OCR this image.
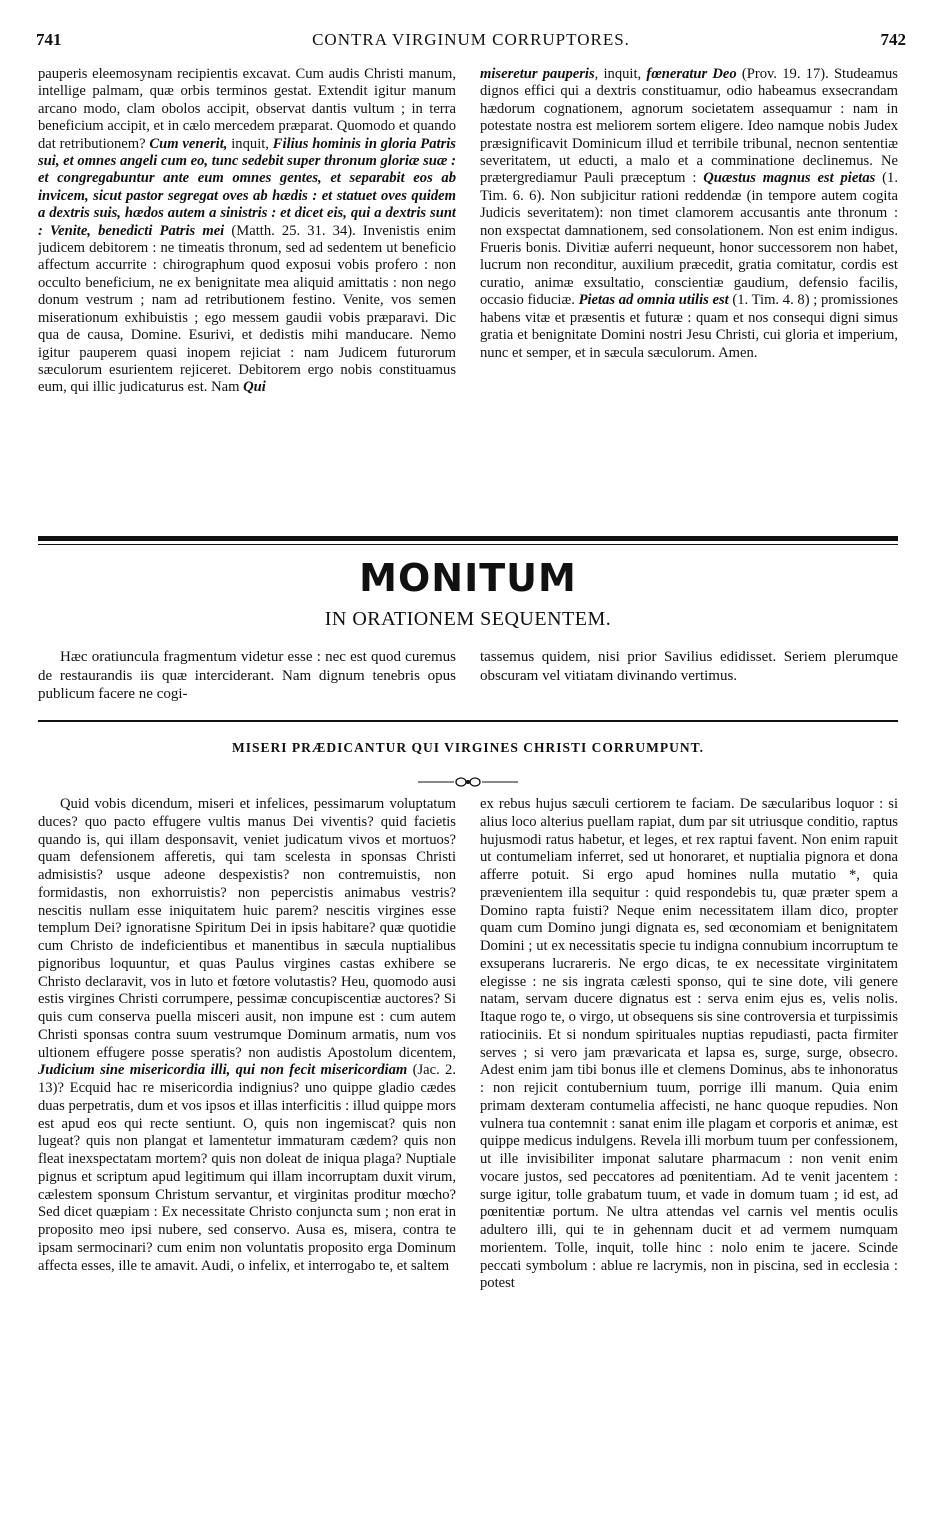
741	CONTRA VIRGINUM CORRUPTORES.	742

pauperis eleemosynam recipientis excavat. Cum audis Christi manum, intellige palmam, quæ orbis terminos gestat. Extendit igitur manum arcano modo, clam obolos accipit, observat dantis vultum ; in terra beneficium accipit, et in cælo mercedem præparat. Quomodo et quando dat retributionem? Cum venerit, inquit, Filius hominis in gloria Patris sui, et omnes angeli cum eo, tunc sedebit super thronum gloriæ suæ : et congregabuntur ante eum omnes gentes, et separabit eos ab invicem, sicut pastor segregat oves ab hædis : et statuet oves quidem a dextris suis, hædos autem a sinistris : et dicet eis, qui a dextris sunt : Venite, benedicti Patris mei (Matth. 25. 31. 34). Invenistis enim judicem debitorem : ne timeatis thronum, sed ad sedentem ut beneficio affectum accurrite : chirographum quod exposui vobis profero : non occulto beneficium, ne ex benignitate mea aliquid amittatis : non nego donum vestrum ; nam ad retributionem festino. Venite, vos semen miserationum exhibuistis ; ego messem gaudii vobis præparavi. Dic qua de causa, Domine. Esurivi, et dedistis mihi manducare. Nemo igitur pauperem quasi inopem rejiciat : nam Judicem futurorum sæculorum esurientem rejiceret. Debitorem ergo nobis constituamus eum, qui illic judicaturus est. Nam Qui

miseretur pauperis, inquit, fœneratur Deo (Prov. 19. 17). Studeamus dignos effici qui a dextris constituamur, odio habeamus exsecrandam hædorum cognationem, agnorum societatem assequamur : nam in potestate nostra est meliorem sortem eligere. Ideo namque nobis Judex præsignificavit Dominicum illud et terribile tribunal, necnon sententiæ severitatem, ut educti, a malo et a comminatione declinemus. Ne prætergrediamur Pauli præceptum : Quæstus magnus est pietas (1. Tim. 6. 6). Non subjicitur rationi reddendæ (in tempore autem cogita Judicis severitatem): non timet clamorem accusantis ante thronum : non exspectat damnationem, sed consolationem. Non est enim indigus. Frueris bonis. Divitiæ auferri nequeunt, honor successorem non habet, lucrum non reconditur, auxilium præcedit, gratia comitatur, cordis est curatio, animæ exsultatio, conscientiæ gaudium, defensio facilis, occasio fiduciæ. Pietas ad omnia utilis est (1. Tim. 4. 8) ; promissiones habens vitæ et præsentis et futuræ : quam et nos consequi digni simus gratia et benignitate Domini nostri Jesu Christi, cui gloria et imperium, nunc et semper, et in sæcula sæculorum. Amen.

MONITUM
IN ORATIONEM SEQUENTEM.

Hæc oratiuncula fragmentum videtur esse : nec est quod curemus de restaurandis iis quæ interciderant. Nam dignum tenebris opus publicum facere ne cogi-

tassemus quidem, nisi prior Savilius edidisset. Seriem plerumque obscuram vel vitiatam divinando vertimus.

MISERI PRÆDICANTUR QUI VIRGINES CHRISTI CORRUMPUNT.

Quid vobis dicendum, miseri et infelices, pessimarum voluptatum duces? quo pacto effugere vultis manus Dei viventis? quid facietis quando is, qui illam desponsavit, veniet judicatum vivos et mortuos? quam defensionem afferetis, qui tam scelesta in sponsas Christi admisistis? usque adeone despexistis? non contremuistis, non formidastis, non exhorruistis? non pepercistis animabus vestris? nescitis nullam esse iniquitatem huic parem? nescitis virgines esse templum Dei? ignoratisne Spiritum Dei in ipsis habitare? quæ quotidie cum Christo de indeficientibus et manentibus in sæcula nuptialibus pignoribus loquuntur, et quas Paulus virgines castas exhibere se Christo declaravit, vos in luto et fœtore volutastis? Heu, quomodo ausi estis virgines Christi corrumpere, pessimæ concupiscentiæ auctores? Si quis cum conserva puella misceri ausit, non impune est : cum autem Christi sponsas contra suum vestrumque Dominum armatis, num vos ultionem effugere posse speratis? non audistis Apostolum dicentem, Judicium sine misericordia illi, qui non fecit misericordiam (Jac. 2. 13)? Ecquid hac re misericordia indignius? uno quippe gladio cædes duas perpetratis, dum et vos ipsos et illas interficitis : illud quippe mors est apud eos qui recte sentiunt. O, quis non ingemiscat? quis non lugeat? quis non plangat et lamentetur immaturam cædem? quis non fleat inexspectatam mortem? quis non doleat de iniqua plaga? Nuptiale pignus et scriptum apud legitimum qui illam incorruptam duxit virum, cælestem sponsum Christum servantur, et virginitas proditur mœcho? Sed dicet quæpiam : Ex necessitate Christo conjuncta sum ; non erat in proposito meo ipsi nubere, sed conservo. Ausa es, misera, contra te ipsam sermocinari? cum enim non voluntatis proposito erga Dominum affecta esses, ille te amavit. Audi, o infelix, et interrogabo te, et saltem

ex rebus hujus sæculi certiorem te faciam. De sæcularibus loquor : si alius loco alterius puellam rapiat, dum par sit utriusque conditio, raptus hujusmodi ratus habetur, et leges, et rex raptui favent. Non enim rapuit ut contumeliam inferret, sed ut honoraret, et nuptialia pignora et dona afferre potuit. Si ergo apud homines nulla mutatio *, quia prævenientem illa sequitur : quid respondebis tu, quæ præter spem a Domino rapta fuisti? Neque enim necessitatem illam dico, propter quam cum Domino jungi dignata es, sed œconomiam et benignitatem Domini ; ut ex necessitatis specie tu indigna connubium incorruptum te exsuperans lucrareris. Ne ergo dicas, te ex necessitate virginitatem elegisse : ne sis ingrata cælesti sponso, qui te sine dote, vili genere natam, servam ducere dignatus est : serva enim ejus es, velis nolis. Itaque rogo te, o virgo, ut obsequens sis sine controversia et turpissimis ratiociniis. Et si nondum spirituales nuptias repudiasti, pacta firmiter serves ; si vero jam prævaricata et lapsa es, surge, surge, obsecro. Adest enim jam tibi bonus ille et clemens Dominus, abs te inhonoratus : non rejicit contubernium tuum, porrige illi manum. Quia enim primam dexteram contumelia affecisti, ne hanc quoque repudies. Non vulnera tua contemnit : sanat enim ille plagam et corporis et animæ, est quippe medicus indulgens. Revela illi morbum tuum per confessionem, ut ille invisibiliter imponat salutare pharmacum : non venit enim vocare justos, sed peccatores ad pœnitentiam. Ad te venit jacentem : surge igitur, tolle grabatum tuum, et vade in domum tuam ; id est, ad pœnitentiæ portum. Ne ultra attendas vel carnis vel mentis oculis adultero illi, qui te in gehennam ducit et ad vermem numquam morientem. Tolle, inquit, tolle hinc : nolo enim te jacere. Scinde peccati symbolum : ablue re lacrymis, non in piscina, sed in ecclesia : potest
